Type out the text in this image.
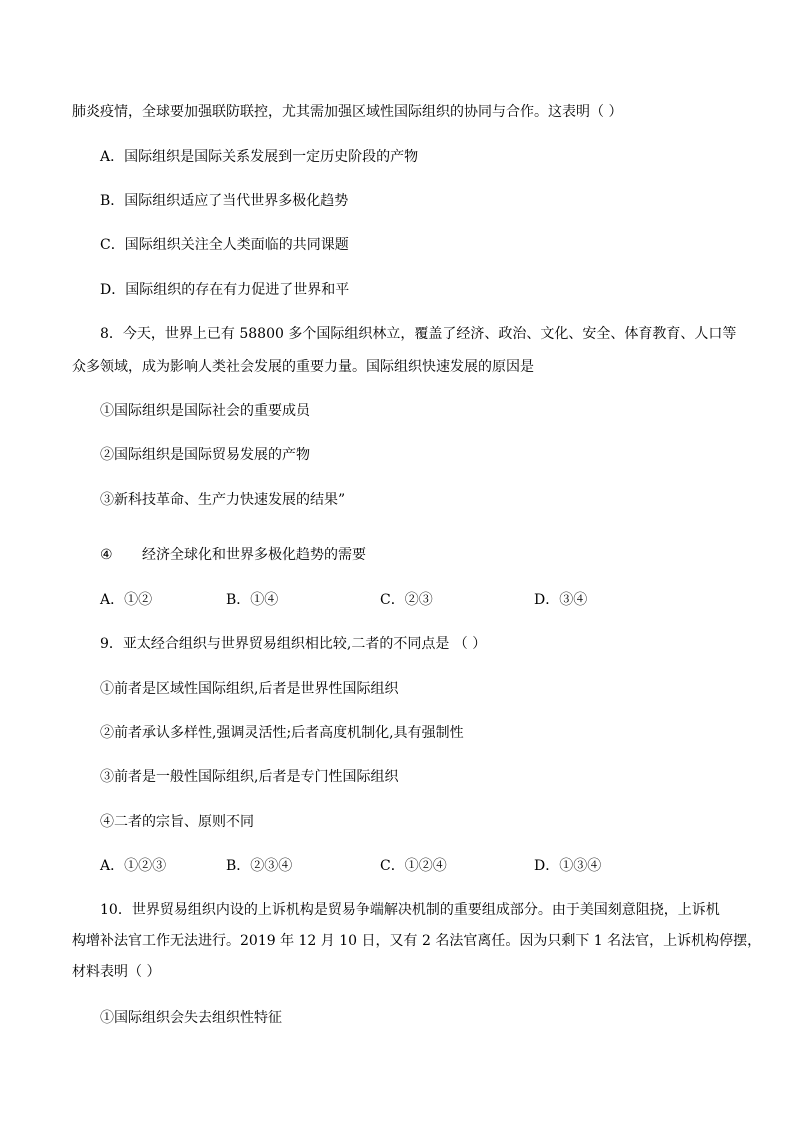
肺炎疫情，全球要加强联防联控，尤其需加强区域性国际组织的协同与合作。这表明（ ）
A．国际组织是国际关系发展到一定历史阶段的产物
B．国际组织适应了当代世界多极化趋势
C．国际组织关注全人类面临的共同课题
D．国际组织的存在有力促进了世界和平
8．今天，世界上已有 58800 多个国际组织林立，覆盖了经济、政治、文化、安全、体育教育、人口等
众多领域，成为影响人类社会发展的重要力量。国际组织快速发展的原因是
①国际组织是国际社会的重要成员
②国际组织是国际贸易发展的产物
③新科技革命、生产力快速发展的结果”
④ 经济全球化和世界多极化趋势的需要
A．①②	B．①④	C．②③	D．③④
9．亚太经合组织与世界贸易组织相比较,二者的不同点是 （ ）
①前者是区域性国际组织,后者是世界性国际组织
②前者承认多样性,强调灵活性;后者高度机制化,具有强制性
③前者是一般性国际组织,后者是专门性国际组织
④二者的宗旨、原则不同
A．①②③	B．②③④	C．①②④	D．①③④
10．世界贸易组织内设的上诉机构是贸易争端解决机制的重要组成部分。由于美国刻意阻挠，上诉机
构增补法官工作无法进行。2019 年 12 月 10 日，又有 2 名法官离任。因为只剩下 1 名法官，上诉机构停摆，
材料表明（ ）
①国际组织会失去组织性特征
